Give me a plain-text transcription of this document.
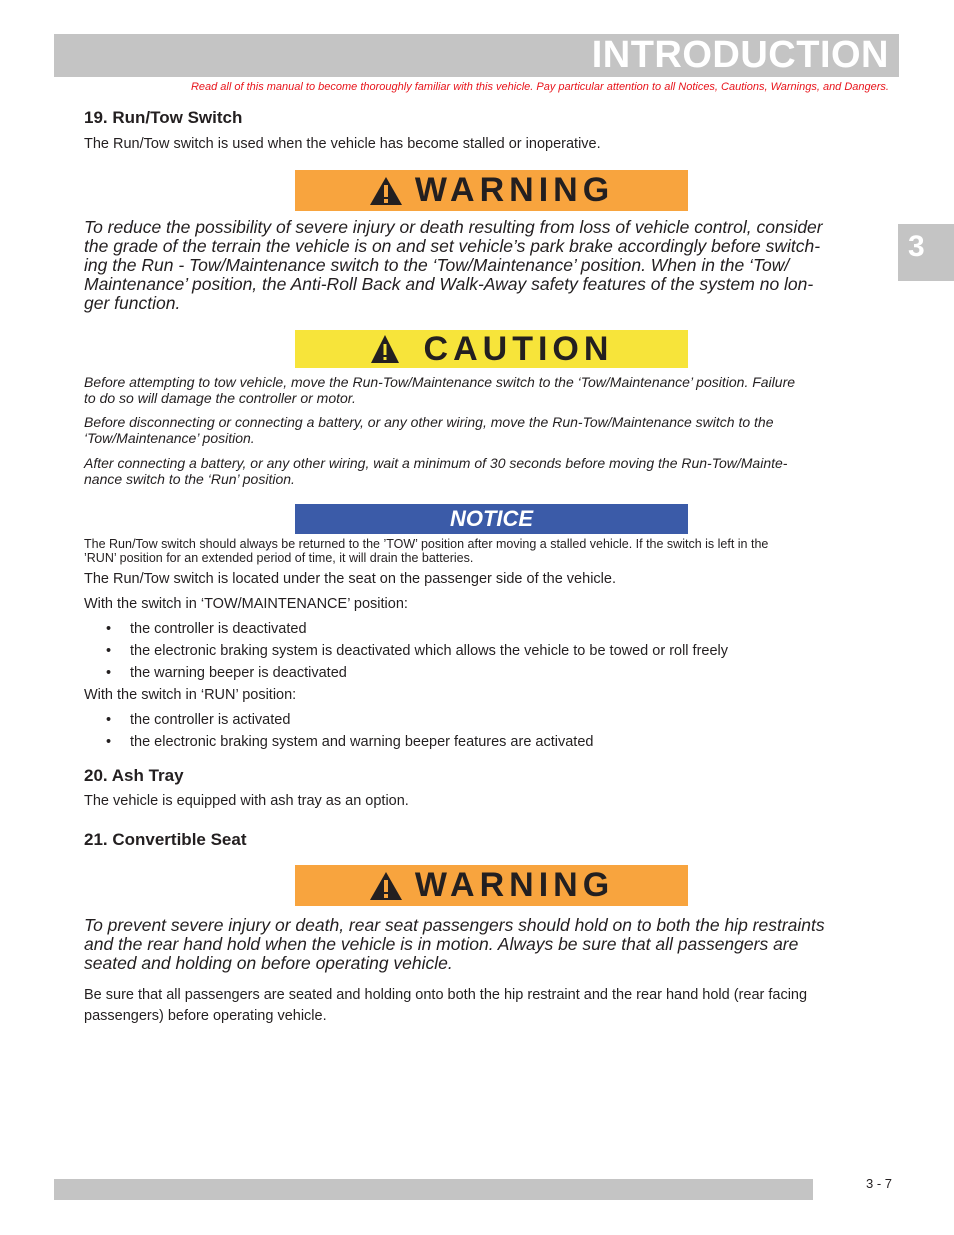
INTRODUCTION
Read all of this manual to become thoroughly familiar with this vehicle. Pay particular attention to all Notices, Cautions, Warnings, and Dangers.
3
19. Run/Tow Switch

The Run/Tow switch is used when the vehicle has become stalled or inoperative.

WARNING
To reduce the possibility of severe injury or death resulting from loss of vehicle control, consider
the grade of the terrain the vehicle is on and set vehicle’s park brake accordingly before switch-
ing the Run - Tow/Maintenance switch to the ‘Tow/Maintenance’ position. When in the ‘Tow/
Maintenance’ position, the Anti-Roll Back and Walk-Away safety features of the system no lon-
ger function.
CAUTION
Before attempting to tow vehicle, move the Run-Tow/Maintenance switch to the ‘Tow/Maintenance’ position. Failure
to do so will damage the controller or motor.
Before disconnecting or connecting a battery, or any other wiring, move the Run-Tow/Maintenance switch to the
‘Tow/Maintenance’ position.
After connecting a battery, or any other wiring, wait a minimum of 30 seconds before moving the Run-Tow/Mainte-
nance switch to the ‘Run’ position.
NOTICE
The Run/Tow switch should always be returned to the ’TOW’ position after moving a stalled vehicle. If the switch is left in the
’RUN’ position for an extended period of time, it will drain the batteries.

The Run/Tow switch is located under the seat on the passenger side of the vehicle.

With the switch in ‘TOW/MAINTENANCE’ position:

• the controller is deactivated
• the electronic braking system is deactivated which allows the vehicle to be towed or roll freely
• the warning beeper is deactivated

With the switch in ‘RUN’ position:

• the controller is activated
• the electronic braking system and warning beeper features are activated
20. Ash Tray

The vehicle is equipped with ash tray as an option.

21. Convertible Seat
WARNING
To prevent severe injury or death, rear seat passengers should hold on to both the hip restraints
and the rear hand hold when the vehicle is in motion. Always be sure that all passengers are
seated and holding on before operating vehicle.
Be sure that all passengers are seated and holding onto both the hip restraint and the rear hand hold (rear facing
passengers) before operating vehicle.
3 - 7
